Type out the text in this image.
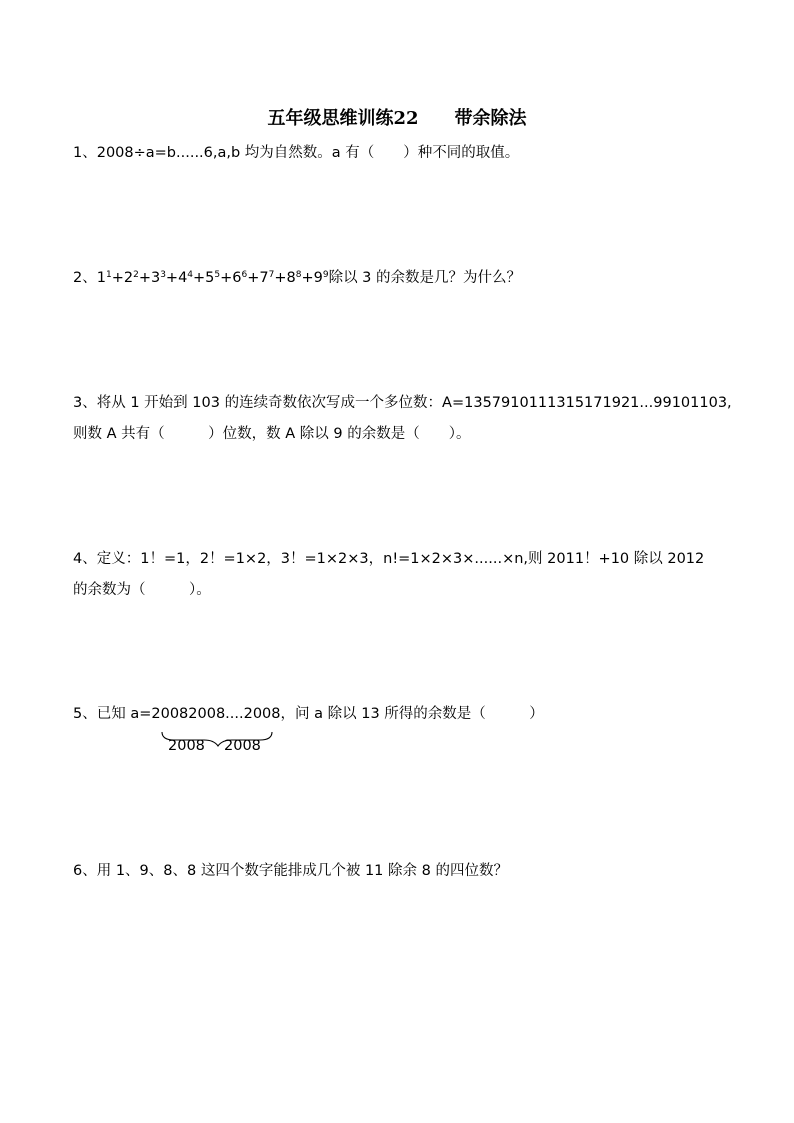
五年级思维训练22　　带余除法
1、2008÷a=b......6,a,b 均为自然数。a 有（　　）种不同的取值。
2、$1^1+2^2+3^3+4^4+5^5+6^6+7^7+8^8+9^9$除以 3 的余数是几？为什么？
3、将从 1 开始到 103 的连续奇数依次写成一个多位数：A=1357910111315171921...99101103,
则数 A 共有（　　　）位数，数 A 除以 9 的余数是（　　）。
4、定义：1！=1，2！=1×2，3！=1×2×3，n!=1×2×3×......×n,则 2011！+10 除以 2012
的余数为（　　　）。
5、已知 a=20082008....2008，问 a 除以 13 所得的余数是（　　　）
2008 2008
6、用 1、9、8、8 这四个数字能排成几个被 11 除余 8 的四位数？
